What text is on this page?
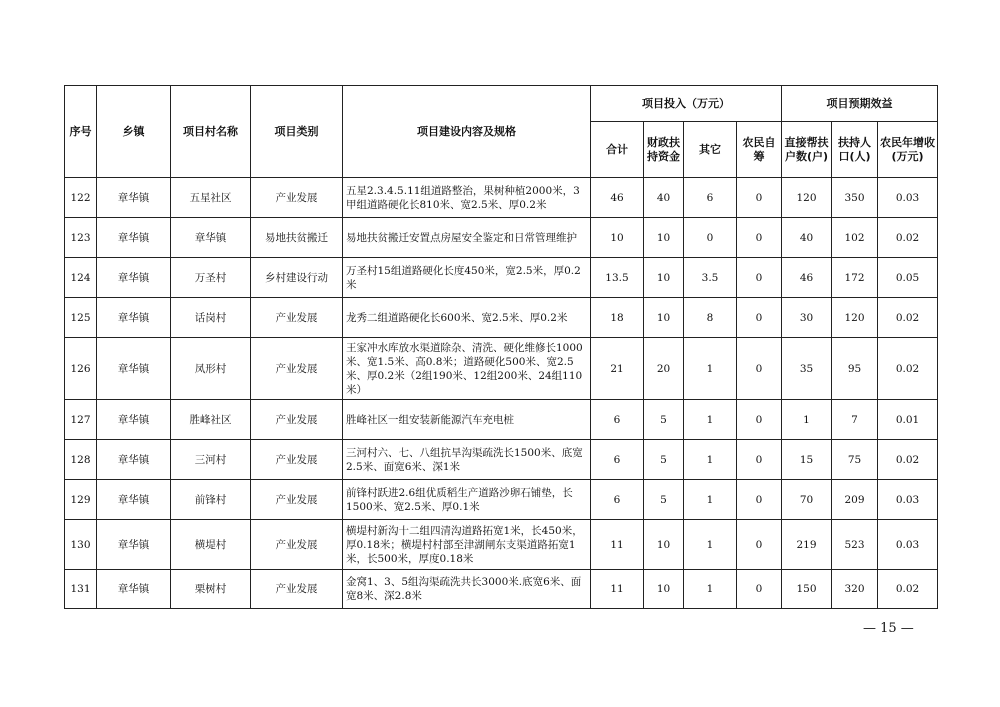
序号	乡镇	项目村名称	项目类别	项目建设内容及规格	项目投入（万元）				项目预期效益		
					合计	财政扶持资金	其它	农民自筹	直接帮扶户数(户)	扶持人口(人)	农民年增收(万元)
122	章华镇	五星社区	产业发展	五星2.3.4.5.11组道路整治，果树种植2000米，3甲组道路硬化长810米、宽2.5米、厚0.2米	46	40	6	0	120	350	0.03
123	章华镇	章华镇	易地扶贫搬迁	易地扶贫搬迁安置点房屋安全鉴定和日常管理维护	10	10	0	0	40	102	0.02
124	章华镇	万圣村	乡村建设行动	万圣村15组道路硬化长度450米，宽2.5米，厚0.2米	13.5	10	3.5	0	46	172	0.05
125	章华镇	话岗村	产业发展	龙秀二组道路硬化长600米、宽2.5米、厚0.2米	18	10	8	0	30	120	0.02
126	章华镇	凤形村	产业发展	王家冲水库放水渠道除杂、清洗、硬化维修长1000米、宽1.5米、高0.8米；道路硬化500米、宽2.5米、厚0.2米（2组190米、12组200米、24组110米）	21	20	1	0	35	95	0.02
127	章华镇	胜峰社区	产业发展	胜峰社区一组安装新能源汽车充电桩	6	5	1	0	1	7	0.01
128	章华镇	三河村	产业发展	三河村六、七、八组抗旱沟渠疏洗长1500米、底宽2.5米、面宽6米、深1米	6	5	1	0	15	75	0.02
129	章华镇	前锋村	产业发展	前锋村跃进2.6组优质稻生产道路沙卵石铺垫，长1500米、宽2.5米、厚0.1米	6	5	1	0	70	209	0.03
130	章华镇	横堤村	产业发展	横堤村新沟十二组四清沟道路拓宽1米，长450米，厚0.18米；横堤村村部至津湖闸东支渠道路拓宽1米，长500米，厚度0.18米	11	10	1	0	219	523	0.03
131	章华镇	栗树村	产业发展	金窝1、3、5组沟渠疏洗共长3000米.底宽6米、面宽8米、深2.8米	11	10	1	0	150	320	0.02
— 15 —
